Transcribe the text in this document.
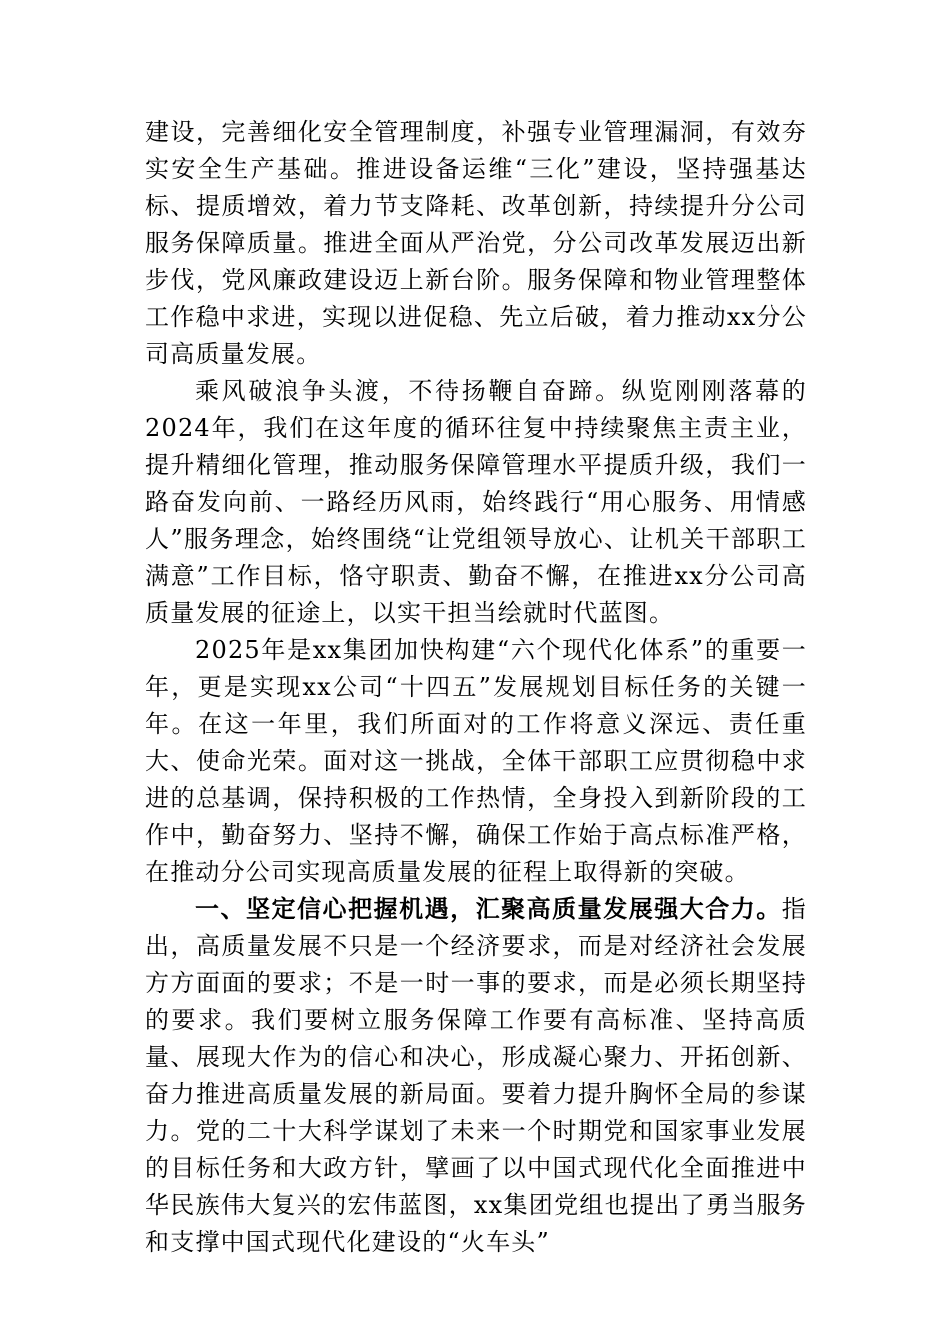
建设，完善细化安全管理制度，补强专业管理漏洞，有效夯实安全生产基础。推进设备运维“三化”建设，坚持强基达标、提质增效，着力节支降耗、改革创新，持续提升分公司服务保障质量。推进全面从严治党，分公司改革发展迈出新步伐，党风廉政建设迈上新台阶。服务保障和物业管理整体工作稳中求进，实现以进促稳、先立后破，着力推动xx分公司高质量发展。

乘风破浪争头渡，不待扬鞭自奋蹄。纵览刚刚落幕的2024年，我们在这年度的循环往复中持续聚焦主责主业，提升精细化管理，推动服务保障管理水平提质升级，我们一路奋发向前、一路经历风雨，始终践行“用心服务、用情感人”服务理念，始终围绕“让党组领导放心、让机关干部职工满意”工作目标，恪守职责、勤奋不懈，在推进xx分公司高质量发展的征途上，以实干担当绘就时代蓝图。

2025年是xx集团加快构建“六个现代化体系”的重要一年，更是实现xx公司“十四五”发展规划目标任务的关键一年。在这一年里，我们所面对的工作将意义深远、责任重大、使命光荣。面对这一挑战，全体干部职工应贯彻稳中求进的总基调，保持积极的工作热情，全身投入到新阶段的工作中，勤奋努力、坚持不懈，确保工作始于高点标准严格，在推动分公司实现高质量发展的征程上取得新的突破。

一、坚定信心把握机遇，汇聚高质量发展强大合力。指出，高质量发展不只是一个经济要求，而是对经济社会发展方方面面的要求；不是一时一事的要求，而是必须长期坚持的要求。我们要树立服务保障工作要有高标准、坚持高质量、展现大作为的信心和决心，形成凝心聚力、开拓创新、奋力推进高质量发展的新局面。要着力提升胸怀全局的参谋力。党的二十大科学谋划了未来一个时期党和国家事业发展的目标任务和大政方针，擘画了以中国式现代化全面推进中华民族伟大复兴的宏伟蓝图，xx集团党组也提出了勇当服务和支撑中国式现代化建设的“火车头”
